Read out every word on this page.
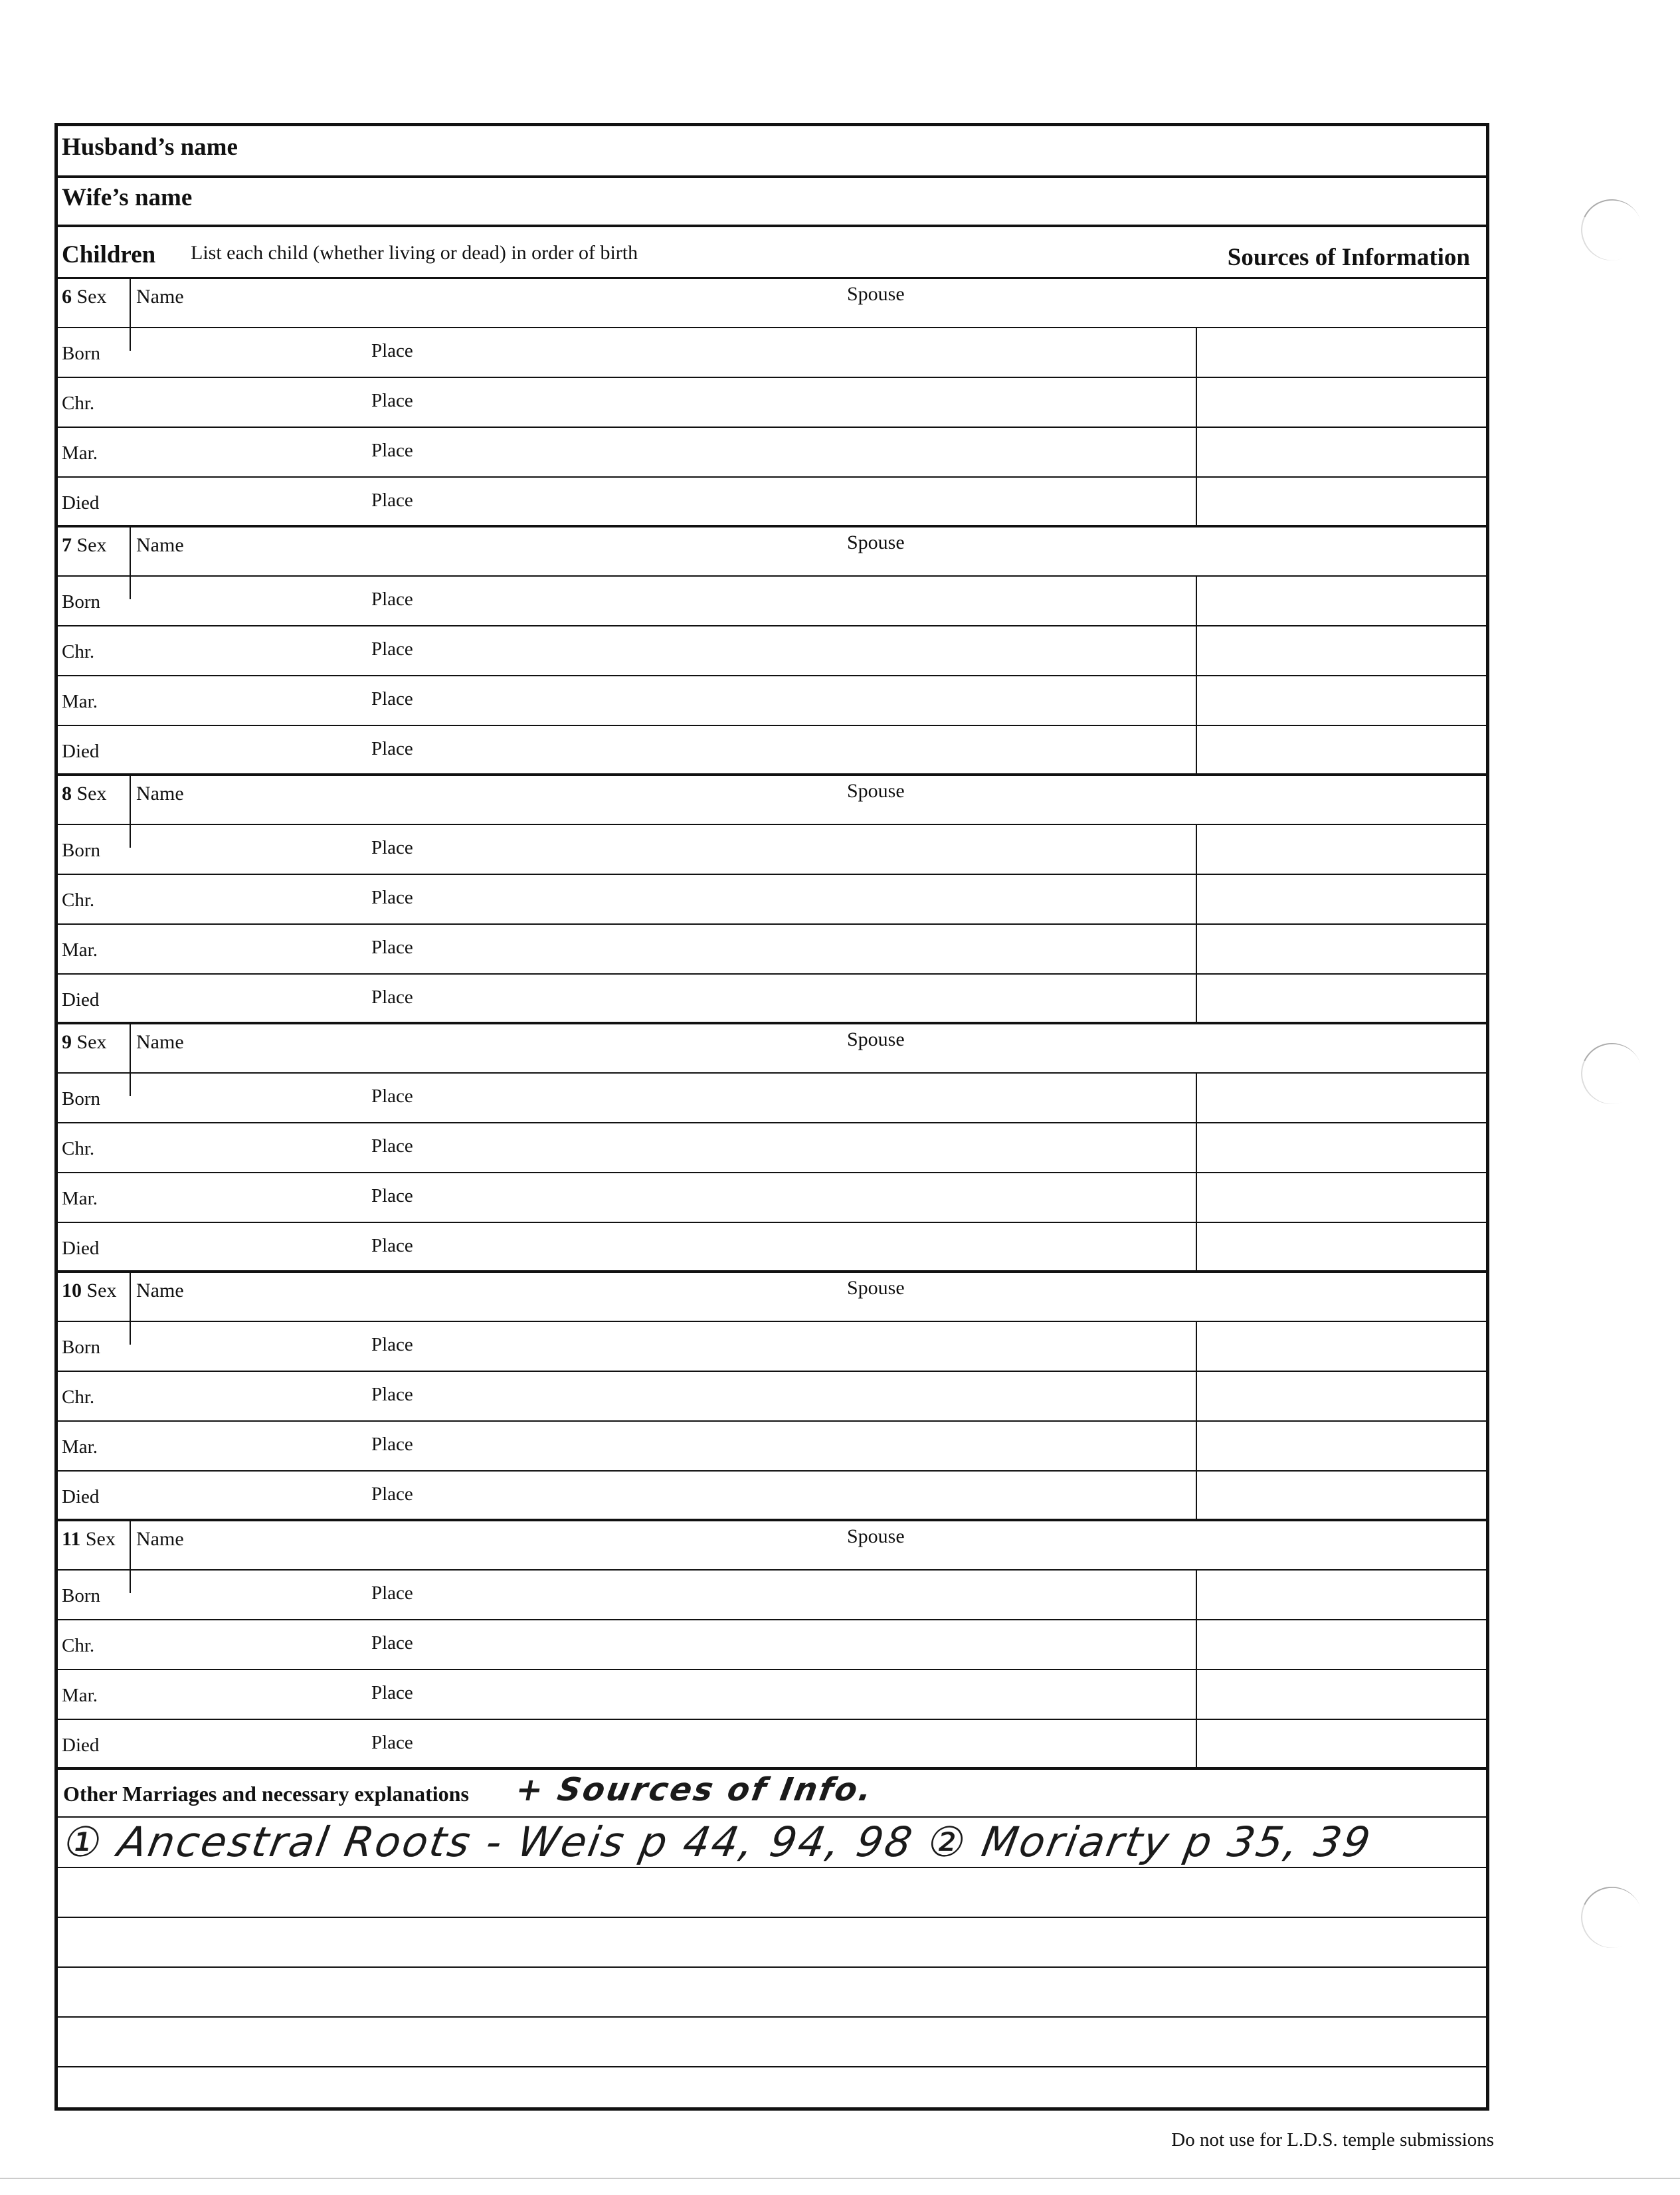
Husband’s name
Wife’s name
Children List each child (whether living or dead) in order of birth	Sources of Information
6 Sex Name	Spouse
Born	Place
Chr.	Place
Mar.	Place
Died	Place
7 Sex Name	Spouse
Born	Place
Chr.	Place
Mar.	Place
Died	Place
8 Sex Name	Spouse
Born	Place
Chr.	Place
Mar.	Place
Died	Place
9 Sex Name	Spouse
Born	Place
Chr.	Place
Mar.	Place
Died	Place
10 Sex Name	Spouse
Born	Place
Chr.	Place
Mar.	Place
Died	Place
11 Sex Name	Spouse
Born	Place
Chr.	Place
Mar.	Place
Died	Place
Other Marriages and necessary explanations + Sources of Info.
① Ancestral Roots - Weis p 44, 94, 98 ② Moriarty p 35, 39
Do not use for L.D.S. temple submissions
